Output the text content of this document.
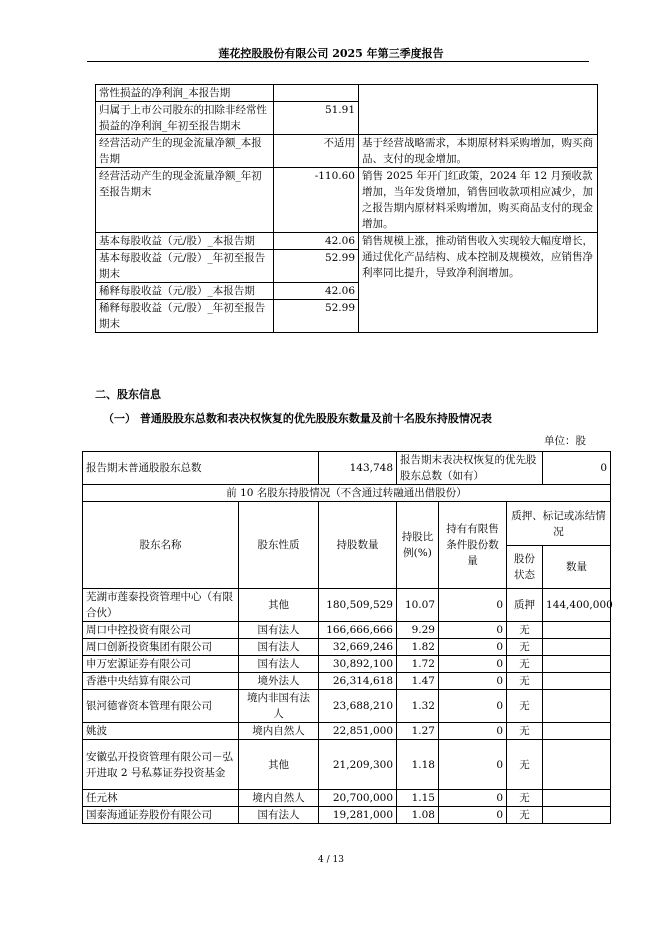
莲花控股股份有限公司 2025 年第三季度报告
常性损益的净利润_本报告期		
归属于上市公司股东的扣除非经常性损益的净利润_年初至报告期末	51.91	
经营活动产生的现金流量净额_本报告期	不适用	基于经营战略需求，本期原材料采购增加，购买商品、支付的现金增加。
经营活动产生的现金流量净额_年初至报告期末	-110.60	销售 2025 年开门红政策，2024 年 12 月预收款增加，当年发货增加，销售回收款项相应减少，加之报告期内原材料采购增加，购买商品支付的现金增加。
基本每股收益（元/股）_本报告期	42.06	销售规模上涨，推动销售收入实现较大幅度增长，通过优化产品结构、成本控制及规模效，应销售净利率同比提升，导致净利润增加。
基本每股收益（元/股）_年初至报告期末	52.99	
稀释每股收益（元/股）_本报告期	42.06	
稀释每股收益（元/股）_年初至报告期末	52.99	
二、股东信息
（一） 普通股股东总数和表决权恢复的优先股股东数量及前十名股东持股情况表
单位：股
报告期末普通股股东总数		143,748	报告期末表决权恢复的优先股股东总数（如有）			0
前 10 名股东持股情况（不含通过转融通出借股份）						
股东名称	股东性质	持股数量	持股比例(%)	持有有限售条件股份数量	质押、标记或冻结情况	
					股份状态	数量
芜湖市莲泰投资管理中心（有限合伙）	其他	180,509,529	10.07	0	质押	144,400,000
周口中控投资有限公司	国有法人	166,666,666	9.29	0	无	
周口创新投资集团有限公司	国有法人	32,669,246	1.82	0	无	
申万宏源证券有限公司	国有法人	30,892,100	1.72	0	无	
香港中央结算有限公司	境外法人	26,314,618	1.47	0	无	
银河德睿资本管理有限公司	境内非国有法人	23,688,210	1.32	0	无	
姚波	境内自然人	22,851,000	1.27	0	无	
安徽弘开投资管理有限公司－弘开进取 2 号私募证券投资基金	其他	21,209,300	1.18	0	无	
任元林	境内自然人	20,700,000	1.15	0	无	
国泰海通证券股份有限公司	国有法人	19,281,000	1.08	0	无	
4 / 13
